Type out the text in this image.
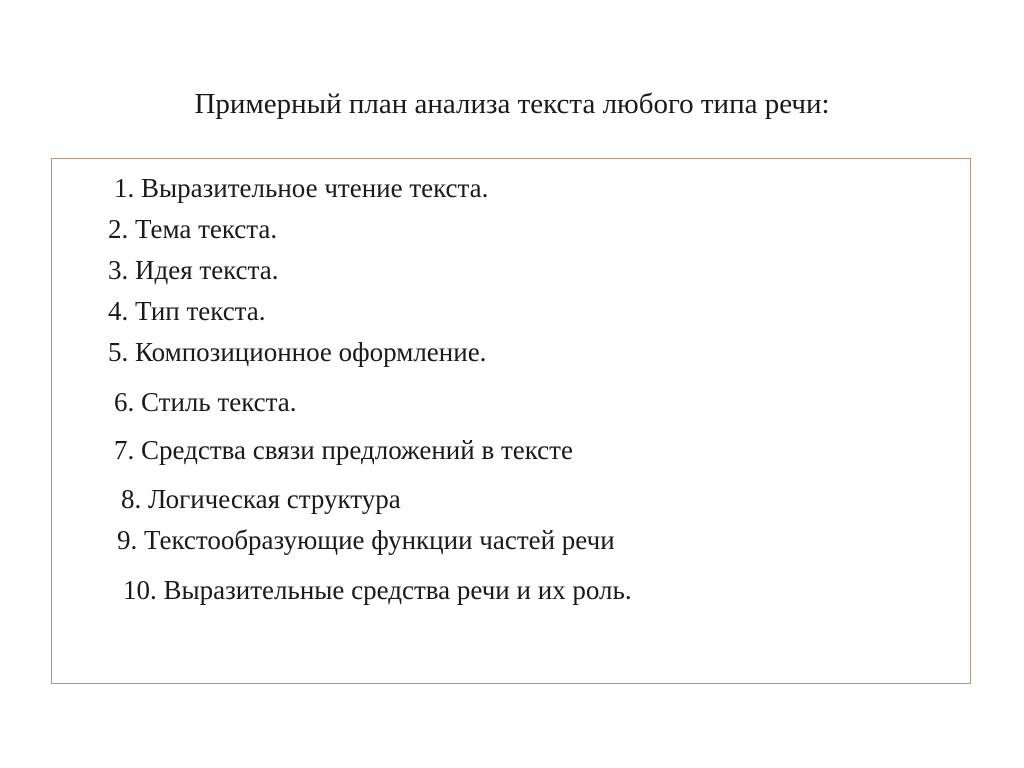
Примерный план анализа текста любого типа речи:
1. Выразительное чтение текста.
2. Тема текста.
3. Идея текста.
4. Тип текста.
5. Композиционное оформление.
6. Стиль текста.
7. Средства связи предложений в тексте
8. Логическая структура
9. Текстообразующие функции частей речи
10. Выразительные средства речи и их роль.
